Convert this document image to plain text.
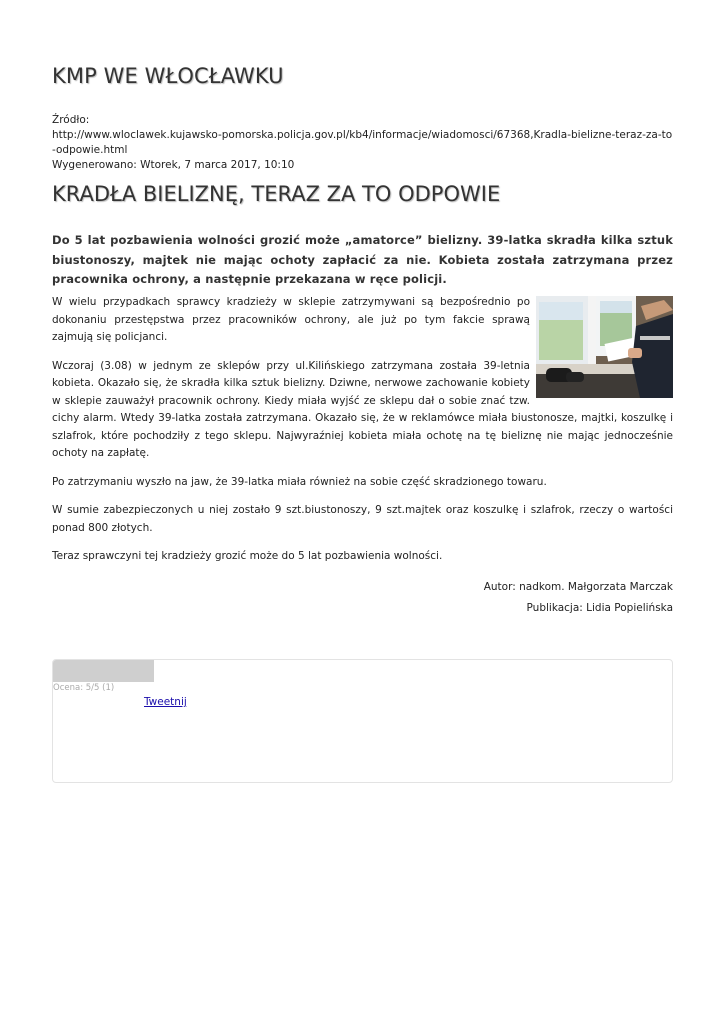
KMP WE WŁOCŁAWKU
Źródło:
http://www.wloclawek.kujawsko-pomorska.policja.gov.pl/kb4/informacje/wiadomosci/67368,Kradla-bielizne-teraz-za-to-odpowie.html
Wygenerowano: Wtorek, 7 marca 2017, 10:10
KRADŁA BIELIZNĘ, TERAZ ZA TO ODPOWIE

Do 5 lat pozbawienia wolności grozić może „amatorce” bielizny. 39-latka skradła kilka sztuk biustonoszy, majtek nie mając ochoty zapłacić za nie. Kobieta została zatrzymana przez pracownika ochrony, a następnie przekazana w ręce policji.

W wielu przypadkach sprawcy kradzieży w sklepie zatrzymywani są bezpośrednio po dokonaniu przestępstwa przez pracowników ochrony, ale już po tym fakcie sprawą zajmują się policjanci.

Wczoraj (3.08) w jednym ze sklepów przy ul.Kilińskiego zatrzymana została 39-letnia kobieta. Okazało się, że skradła kilka sztuk bielizny. Dziwne, nerwowe zachowanie kobiety w sklepie zauważył pracownik ochrony. Kiedy miała wyjść ze sklepu dał o sobie znać tzw. cichy alarm. Wtedy 39-latka została zatrzymana. Okazało się, że w reklamówce miała biustonosze, majtki, koszulkę i szlafrok, które pochodziły z tego sklepu. Najwyraźniej kobieta miała ochotę na tę bieliznę nie mając jednocześnie ochoty na zapłatę.

Po zatrzymaniu wyszło na jaw, że 39-latka miała również na sobie część skradzionego towaru.

W sumie zabezpieczonych u niej zostało 9 szt.biustonoszy, 9 szt.majtek oraz koszulkę i szlafrok, rzeczy o wartości ponad 800 złotych.

Teraz sprawczyni tej kradzieży grozić może do 5 lat pozbawienia wolności.

Autor: nadkom. Małgorzata Marczak
Publikacja: Lidia Popielińska
Ocena: 5/5 (1)
Tweetnij
